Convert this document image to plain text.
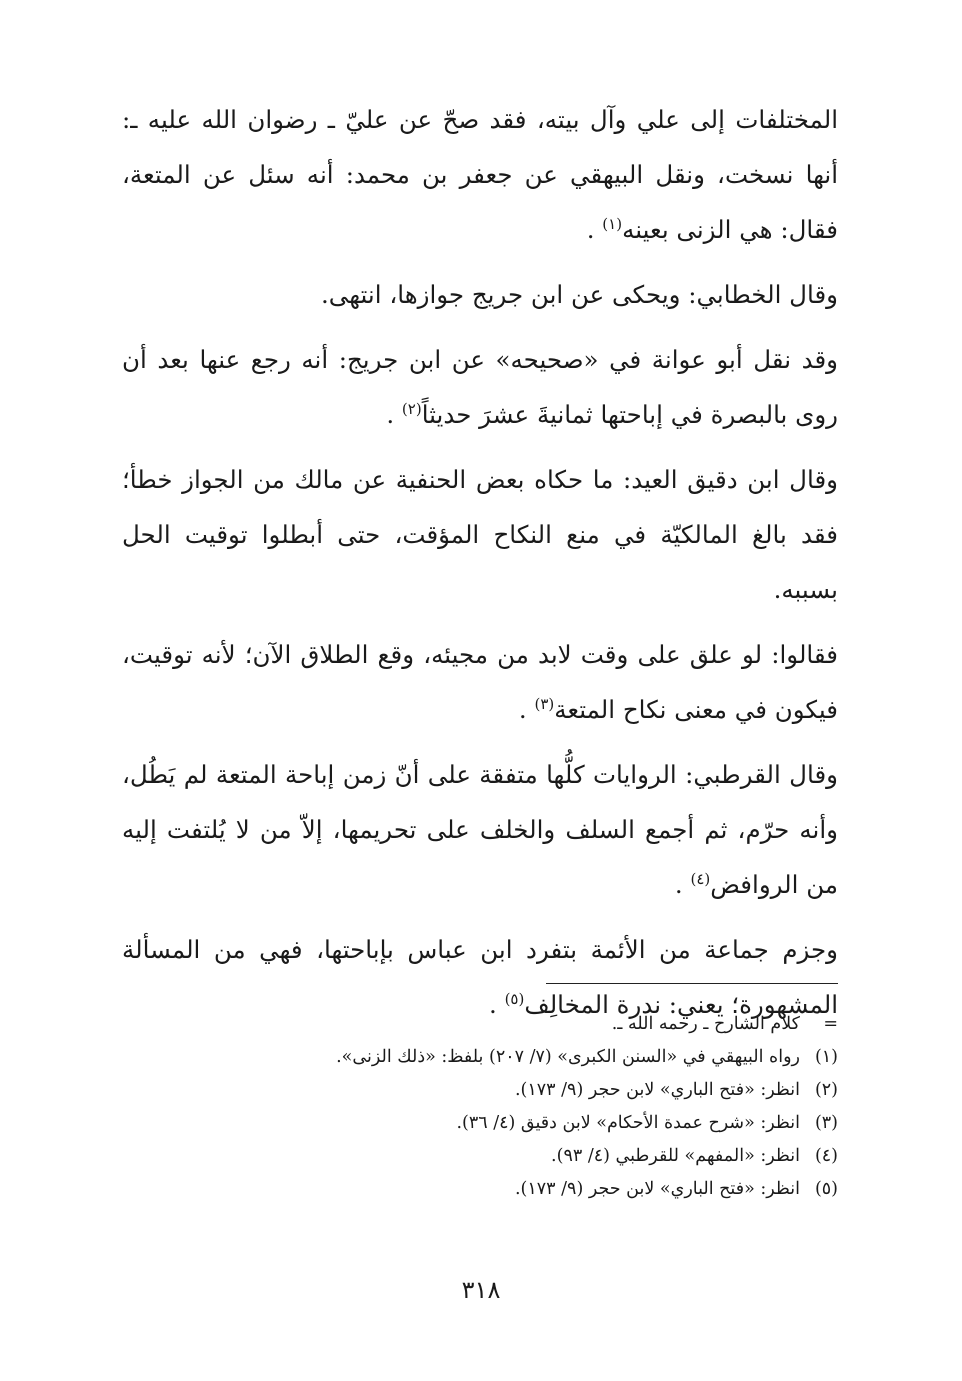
المختلفات إلى علي وآل بيته، فقد صحّ عن عليّ ـ رضوان الله عليه ـ: أنها نسخت، ونقل البيهقي عن جعفر بن محمد: أنه سئل عن المتعة، فقال: هي الزنى بعينه$^{(١)}$ .

وقال الخطابي: ويحكى عن ابن جريج جوازها، انتهى.

وقد نقل أبو عوانة في «صحيحه» عن ابن جريج: أنه رجع عنها بعد أن روى بالبصرة في إباحتها ثمانيةَ عشرَ حديثاً$^{(٢)}$ .

وقال ابن دقيق العيد: ما حكاه بعض الحنفية عن مالك من الجواز خطأ؛ فقد بالغ المالكيّة في منع النكاح المؤقت، حتى أبطلوا توقيت الحل بسببه.

فقالوا: لو علق على وقت لابد من مجيئه، وقع الطلاق الآن؛ لأنه توقيت، فيكون في معنى نكاح المتعة$^{(٣)}$ .

وقال القرطبي: الروايات كلُّها متفقة على أنّ زمن إباحة المتعة لم يَطُل، وأنه حرّم، ثم أجمع السلف والخلف على تحريمها، إلاّ من لا يُلتفت إليه من الروافض$^{(٤)}$ .

وجزم جماعة من الأئمة بتفرد ابن عباس بإباحتها، فهي من المسألة المشهورة؛ يعني: ندرة المخالِف$^{(٥)}$ .

=
كلام الشارح ـ رحمه الله ـ.
(١)
رواه البيهقي في «السنن الكبرى» (٧/ ٢٠٧) بلفظ: «ذلك الزنى».
(٢)
انظر: «فتح الباري» لابن حجر (٩/ ١٧٣).
(٣)
انظر: «شرح عمدة الأحكام» لابن دقيق (٤/ ٣٦).
(٤)
انظر: «المفهم» للقرطبي (٤/ ٩٣).
(٥)
انظر: «فتح الباري» لابن حجر (٩/ ١٧٣).
٣١٨
